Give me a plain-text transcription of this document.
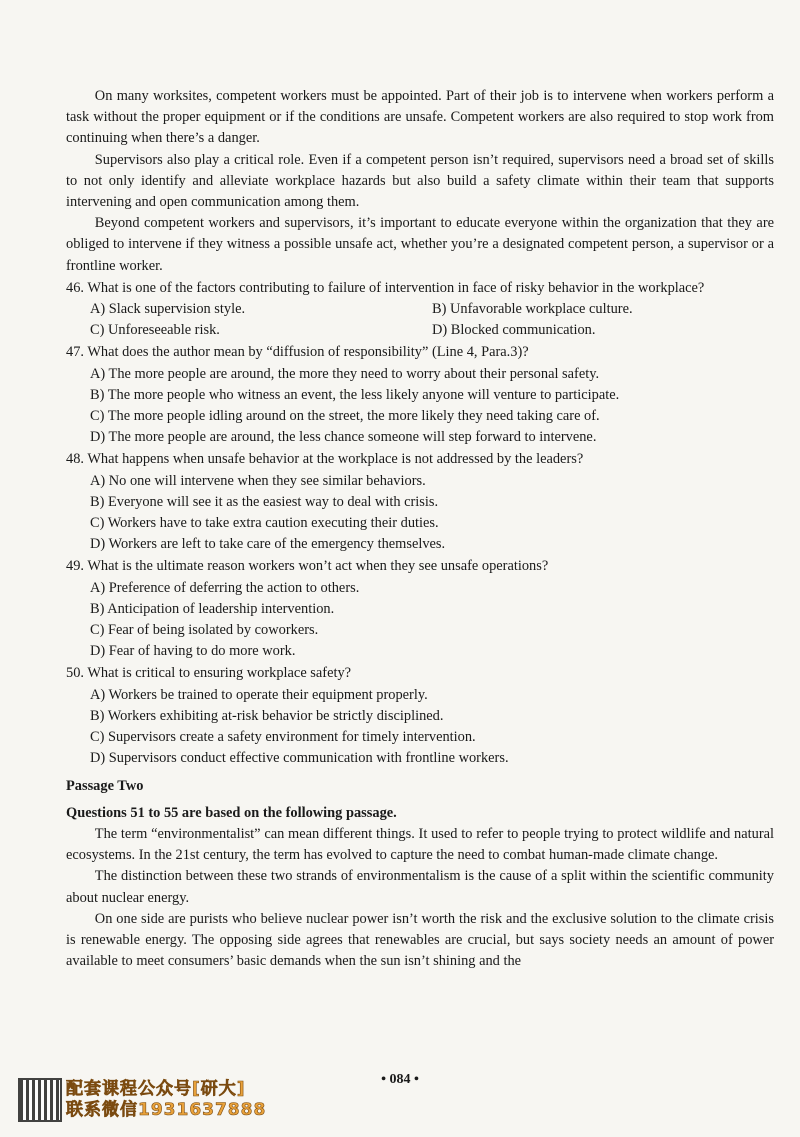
On many worksites, competent workers must be appointed. Part of their job is to intervene when workers perform a task without the proper equipment or if the conditions are unsafe. Competent workers are also required to stop work from continuing when there’s a danger.

Supervisors also play a critical role. Even if a competent person isn’t required, supervisors need a broad set of skills to not only identify and alleviate workplace hazards but also build a safety climate within their team that supports intervening and open communication among them.

Beyond competent workers and supervisors, it’s important to educate everyone within the organization that they are obliged to intervene if they witness a possible unsafe act, whether you’re a designated competent person, a supervisor or a frontline worker.

46. What is one of the factors contributing to failure of intervention in face of risky behavior in the workplace?

A) Slack supervision style.	B) Unfavorable workplace culture.
C) Unforeseeable risk.	D) Blocked communication.

47. What does the author mean by “diffusion of responsibility” (Line 4, Para.3)?

A) The more people are around, the more they need to worry about their personal safety.
B) The more people who witness an event, the less likely anyone will venture to participate.
C) The more people idling around on the street, the more likely they need taking care of.
D) The more people are around, the less chance someone will step forward to intervene.

48. What happens when unsafe behavior at the workplace is not addressed by the leaders?

A) No one will intervene when they see similar behaviors.
B) Everyone will see it as the easiest way to deal with crisis.
C) Workers have to take extra caution executing their duties.
D) Workers are left to take care of the emergency themselves.

49. What is the ultimate reason workers won’t act when they see unsafe operations?

A) Preference of deferring the action to others.
B) Anticipation of leadership intervention.
C) Fear of being isolated by coworkers.
D) Fear of having to do more work.

50. What is critical to ensuring workplace safety?

A) Workers be trained to operate their equipment properly.
B) Workers exhibiting at-risk behavior be strictly disciplined.
C) Supervisors create a safety environment for timely intervention.
D) Supervisors conduct effective communication with frontline workers.
Passage Two
Questions 51 to 55 are based on the following passage.

The term “environmentalist” can mean different things. It used to refer to people trying to protect wildlife and natural ecosystems. In the 21st century, the term has evolved to capture the need to combat human-made climate change.

The distinction between these two strands of environmentalism is the cause of a split within the scientific community about nuclear energy.

On one side are purists who believe nuclear power isn’t worth the risk and the exclusive solution to the climate crisis is renewable energy. The opposing side agrees that renewables are crucial, but says society needs an amount of power available to meet consumers’ basic demands when the sun isn’t shining and the

• 084 •
配套课程公众号[研大]
联系微信1931637888
